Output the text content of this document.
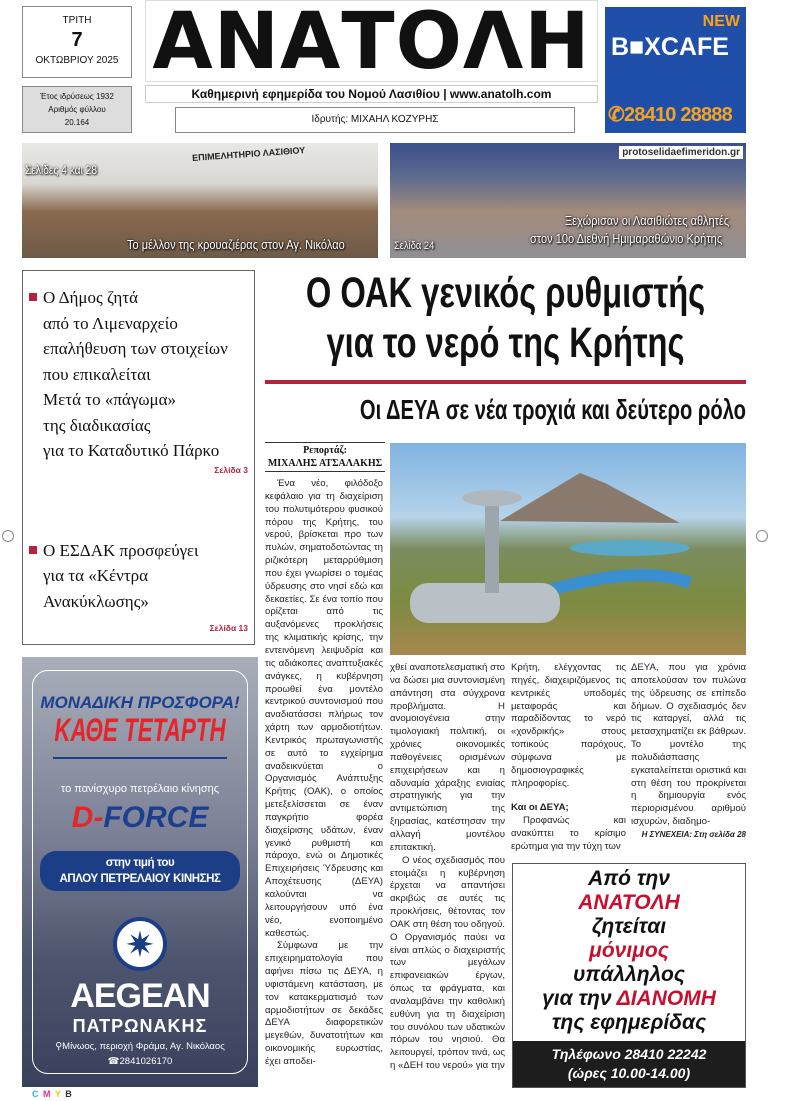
ΤΡΙΤΗ
7
ΟΚΤΩΒΡΙΟΥ 2025
Έτος ιδρύσεως 1932
Αριθμός φύλλου
20.164
ΑΝΑΤΟΛΗ
Καθημερινή εφημερίδα του Νομού Λασιθίου | www.anatolh.com
Ιδρυτής: ΜΙΧΑΗΛ ΚΟΖΥΡΗΣ
NEW
B■XCAFE
✆28410 28888
ΕΠΙΜΕΛΗΤΗΡΙΟ ΛΑΣΙΘΙΟΥ
Σελίδες 4 και 28
Το μέλλον της κρουαζιέρας στον Αγ. Νικόλαο
Ξεχώρισαν οι Λασιθιώτες αθλητές
στον 10ο Διεθνή Ημιμαραθώνιο Κρήτης
Σελίδα 24
protoselidaefimeridon.gr
Ο Δήμος ζητά
από το Λιμεναρχείο
επαλήθευση των στοιχείων
που επικαλείται
Μετά το «πάγωμα»
της διαδικασίας
για το Καταδυτικό Πάρκο
Σελίδα 3
Ο ΕΣΔΑΚ προσφεύγει
για τα «Κέντρα
Ανακύκλωσης»
Σελίδα 13
Ο ΟΑΚ γενικός ρυθμιστής
για το νερό της Κρήτης
Οι ΔΕΥΑ σε νέα τροχιά και δεύτερο ρόλο
Ρεπορτάζ:
ΜΙΧΑΛΗΣ ΑΤΣΑΛΑΚΗΣ

Ένα νέο, φιλόδοξο κεφάλαιο για τη διαχείριση του πολυτιμότερου φυσικού πόρου της Κρήτης, του νερού, βρίσκεται προ των πυλών, σηματοδοτώντας τη ριζικότερη μεταρρύθμιση που έχει γνωρίσει ο τομέας ύδρευσης στο νησί εδώ και δεκαετίες. Σε ένα τοπίο που ορίζεται από τις αυξανόμενες προκλήσεις της κλιματικής κρίσης, την εντεινόμενη λειψυδρία και τις αδιάκοπες αναπτυξιακές ανάγκες, η κυβέρνηση προωθεί ένα μοντέλο κεντρικού συντονισμού που αναδιατάσσει πλήρως τον χάρτη των αρμοδιοτήτων. Κεντρικός πρωταγωνιστής σε αυτό το εγχείρημα αναδεικνύεται ο Οργανισμός Ανάπτυξης Κρήτης (ΟΑΚ), ο οποίος μετεξελίσσεται σε έναν παγκρήτιο φορέα διαχείρισης υδάτων, έναν γενικό ρυθμιστή και πάροχο, ενώ οι Δημοτικές Επιχειρήσεις Ύδρευσης και Αποχέτευσης (ΔΕΥΑ) καλούνται να λειτουργήσουν υπό ένα νέο, ενοποιημένο καθεστώς.

Σύμφωνα με την επιχειρηματολογία που αφήνει πίσω τις ΔΕΥΑ, η υφιστάμενη κατάσταση, με τον κατακερματισμό των αρμοδιοτήτων σε δεκάδες ΔΕΥΑ διαφορετικών μεγεθών, δυνατοτήτων και οικονομικής ευρωστίας, έχει αποδει-

χθεί αναποτελεσματική στο να δώσει μια συντονισμένη απάντηση στα σύγχρονα προβλήματα. Η ανομοιογένεια στην τιμολογιακή πολιτική, οι χρόνιες οικονομικές παθογένειες ορισμένων επιχειρήσεων και η αδυναμία χάραξης ενιαίας στρατηγικής για την αντιμετώπιση της ξηρασίας, κατέστησαν την αλλαγή μοντέλου επιτακτική.

Ο νέος σχεδιασμός που ετοιμάζει η κυβέρνηση έρχεται να απαντήσει ακριβώς σε αυτές τις προκλήσεις, θέτοντας τον ΟΑΚ στη θέση του οδηγού. Ο Οργανισμός παύει να είναι απλώς ο διαχειριστής των μεγάλων επιφανειακών έργων, όπως τα φράγματα, και αναλαμβάνει την καθολική ευθύνη για τη διαχείριση του συνόλου των υδατικών πόρων του νησιού. Θα λειτουργεί, τρόπον τινά, ως η «ΔΕΗ του νερού» για την

Κρήτη, ελέγχοντας τις πηγές, διαχειριζόμενος τις κεντρικές υποδομές μεταφοράς και παραδίδοντας το νερό «χονδρικής» στους τοπικούς παρόχους, σύμφωνα με δημοσιογραφικές πληροφορίες.

Και οι ΔΕΥΑ;

Προφανώς και ανακύπτει το κρίσιμο ερώτημα για την τύχη των

ΔΕΥΑ, που για χρόνια αποτελούσαν τον πυλώνα της ύδρευσης σε επίπεδο δήμων. Ο σχεδιασμός δεν τις καταργεί, αλλά τις μετασχηματίζει εκ βάθρων. Το μοντέλο της πολυδιάσπασης εγκαταλείπεται οριστικά και στη θέση του προκρίνεται η δημιουργία ενός περιορισμένου αριθμού ισχυρών, διαδημο-

Η ΣΥΝΕΧΕΙΑ: Στη σελίδα 28

ΜΟΝΑΔΙΚΗ ΠΡΟΣΦΟΡΑ!
ΚΑΘΕ ΤΕΤΑΡΤΗ
το πανίσχυρο πετρέλαιο κίνησης
D-FORCE
στην τιμή του
ΑΠΛΟΥ ΠΕΤΡΕΛΑΙΟΥ ΚΙΝΗΣΗΣ
✷
AEGEAN
ΠΑΤΡΩΝΑΚΗΣ
⚲Μίνωος, περιοχή Φράμα, Αγ. Νικόλαος
☎2841026170
C M Y B
Από την
ΑΝΑΤΟΛΗ
ζητείται
μόνιμος
υπάλληλος
για την ΔΙΑΝΟΜΗ
της εφημερίδας
Τηλέφωνο 28410 22242
(ώρες 10.00-14.00)
